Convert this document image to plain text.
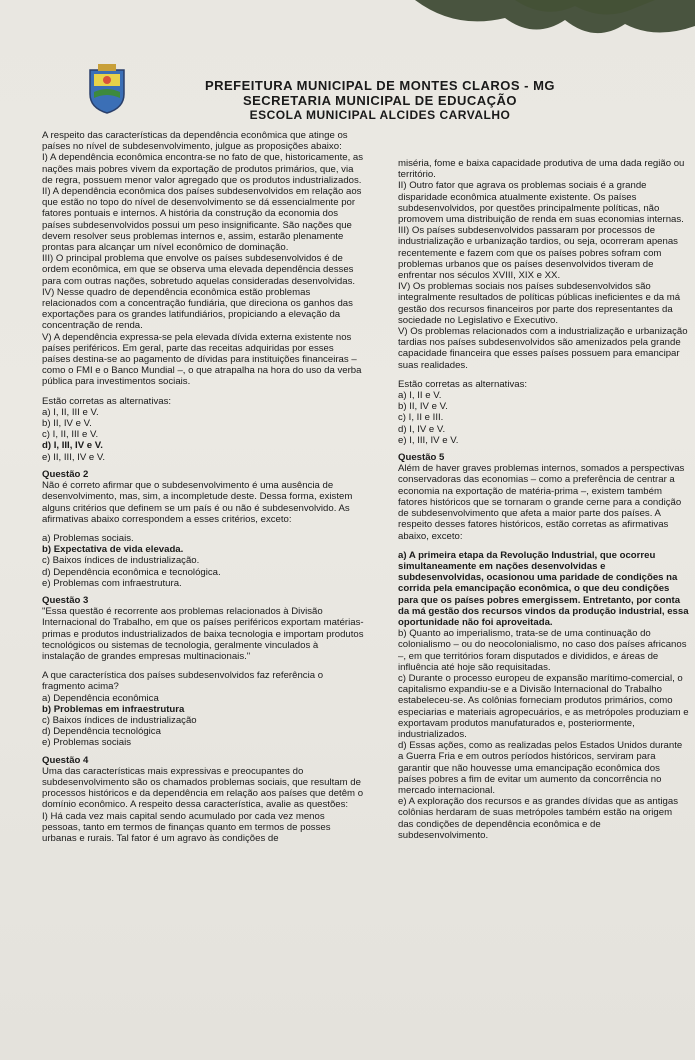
PREFEITURA MUNICIPAL DE MONTES CLAROS - MG
SECRETARIA MUNICIPAL DE EDUCAÇÃO
ESCOLA MUNICIPAL ALCIDES CARVALHO

A respeito das características da dependência econômica que atinge os países no nível de subdesenvolvimento, julgue as proposições abaixo:

I) A dependência econômica encontra-se no fato de que, historicamente, as nações mais pobres vivem da exportação de produtos primários, que, via de regra, possuem menor valor agregado que os produtos industrializados.

II) A dependência econômica dos países subdesenvolvidos em relação aos que estão no topo do nível de desenvolvimento se dá essencialmente por fatores pontuais e internos. A história da construção da economia dos países subdesenvolvidos possui um peso insignificante. São nações que devem resolver seus problemas internos e, assim, estarão plenamente prontas para alcançar um nível econômico de dominação.

III) O principal problema que envolve os países subdesenvolvidos é de ordem econômica, em que se observa uma elevada dependência desses para com outras nações, sobretudo aquelas consideradas desenvolvidas.

IV) Nesse quadro de dependência econômica estão problemas relacionados com a concentração fundiária, que direciona os ganhos das exportações para os grandes latifundiários, propiciando a elevação da concentração de renda.

V) A dependência expressa-se pela elevada dívida externa existente nos países periféricos. Em geral, parte das receitas adquiridas por esses países destina-se ao pagamento de dívidas para instituições financeiras – como o FMI e o Banco Mundial –, o que atrapalha na hora do uso da verba pública para investimentos sociais.

Estão corretas as alternativas:

a) I, II, III e V.

b) II, IV e V.

c) I, II, III e V.

d) I, III, IV e V.

e) II, III, IV e V.

Questão 2

Não é correto afirmar que o subdesenvolvimento é uma ausência de desenvolvimento, mas, sim, a incompletude deste. Dessa forma, existem alguns critérios que definem se um país é ou não é subdesenvolvido. As afirmativas abaixo correspondem a esses critérios, exceto:

a) Problemas sociais.

b) Expectativa de vida elevada.

c) Baixos índices de industrialização.

d) Dependência econômica e tecnológica.

e) Problemas com infraestrutura.

Questão 3

"Essa questão é recorrente aos problemas relacionados à Divisão Internacional do Trabalho, em que os países periféricos exportam matérias-primas e produtos industrializados de baixa tecnologia e importam produtos tecnológicos ou sistemas de tecnologia, geralmente vinculados à instalação de grandes empresas multinacionais."

A que característica dos países subdesenvolvidos faz referência o fragmento acima?

a) Dependência econômica

b) Problemas em infraestrutura

c) Baixos índices de industrialização

d) Dependência tecnológica

e) Problemas sociais

Questão 4

Uma das características mais expressivas e preocupantes do subdesenvolvimento são os chamados problemas sociais, que resultam de processos históricos e da dependência em relação aos países que detêm o domínio econômico. A respeito dessa característica, avalie as questões:

I) Há cada vez mais capital sendo acumulado por cada vez menos pessoas, tanto em termos de finanças quanto em termos de posses urbanas e rurais. Tal fator é um agravo às condições de

miséria, fome e baixa capacidade produtiva de uma dada região ou território.

II) Outro fator que agrava os problemas sociais é a grande disparidade econômica atualmente existente. Os países subdesenvolvidos, por questões principalmente políticas, não promovem uma distribuição de renda em suas economias internas.

III) Os países subdesenvolvidos passaram por processos de industrialização e urbanização tardios, ou seja, ocorreram apenas recentemente e fazem com que os países pobres sofram com problemas urbanos que os países desenvolvidos tiveram de enfrentar nos séculos XVIII, XIX e XX.

IV) Os problemas sociais nos países subdesenvolvidos são integralmente resultados de políticas públicas ineficientes e da má gestão dos recursos financeiros por parte dos representantes da sociedade no Legislativo e Executivo.

V) Os problemas relacionados com a industrialização e urbanização tardias nos países subdesenvolvidos são amenizados pela grande capacidade financeira que esses países possuem para emancipar suas realidades.

Estão corretas as alternativas:

a) I, II e V.

b) II, IV e V.

c) I, II e III.

d) I, IV e V.

e) I, III, IV e V.

Questão 5

Além de haver graves problemas internos, somados a perspectivas conservadoras das economias – como a preferência de centrar a economia na exportação de matéria-prima –, existem também fatores históricos que se tornaram o grande cerne para a condição de subdesenvolvimento que afeta a maior parte dos países. A respeito desses fatores históricos, estão corretas as afirmativas abaixo, exceto:

a) A primeira etapa da Revolução Industrial, que ocorreu simultaneamente em nações desenvolvidas e subdesenvolvidas, ocasionou uma paridade de condições na corrida pela emancipação econômica, o que deu condições para que os países pobres emergissem. Entretanto, por conta da má gestão dos recursos vindos da produção industrial, essa oportunidade não foi aproveitada.

b) Quanto ao imperialismo, trata-se de uma continuação do colonialismo – ou do neocolonialismo, no caso dos países africanos –, em que territórios foram disputados e divididos, e áreas de influência até hoje são requisitadas.

c) Durante o processo europeu de expansão marítimo-comercial, o capitalismo expandiu-se e a Divisão Internacional do Trabalho estabeleceu-se. As colônias forneciam produtos primários, como especiarias e materiais agropecuários, e as metrópoles produziam e exportavam produtos manufaturados e, posteriormente, industrializados.

d) Essas ações, como as realizadas pelos Estados Unidos durante a Guerra Fria e em outros períodos históricos, serviram para garantir que não houvesse uma emancipação econômica dos países pobres a fim de evitar um aumento da concorrência no mercado internacional.

e) A exploração dos recursos e as grandes dívidas que as antigas colônias herdaram de suas metrópoles também estão na origem das condições de dependência econômica e de subdesenvolvimento.
